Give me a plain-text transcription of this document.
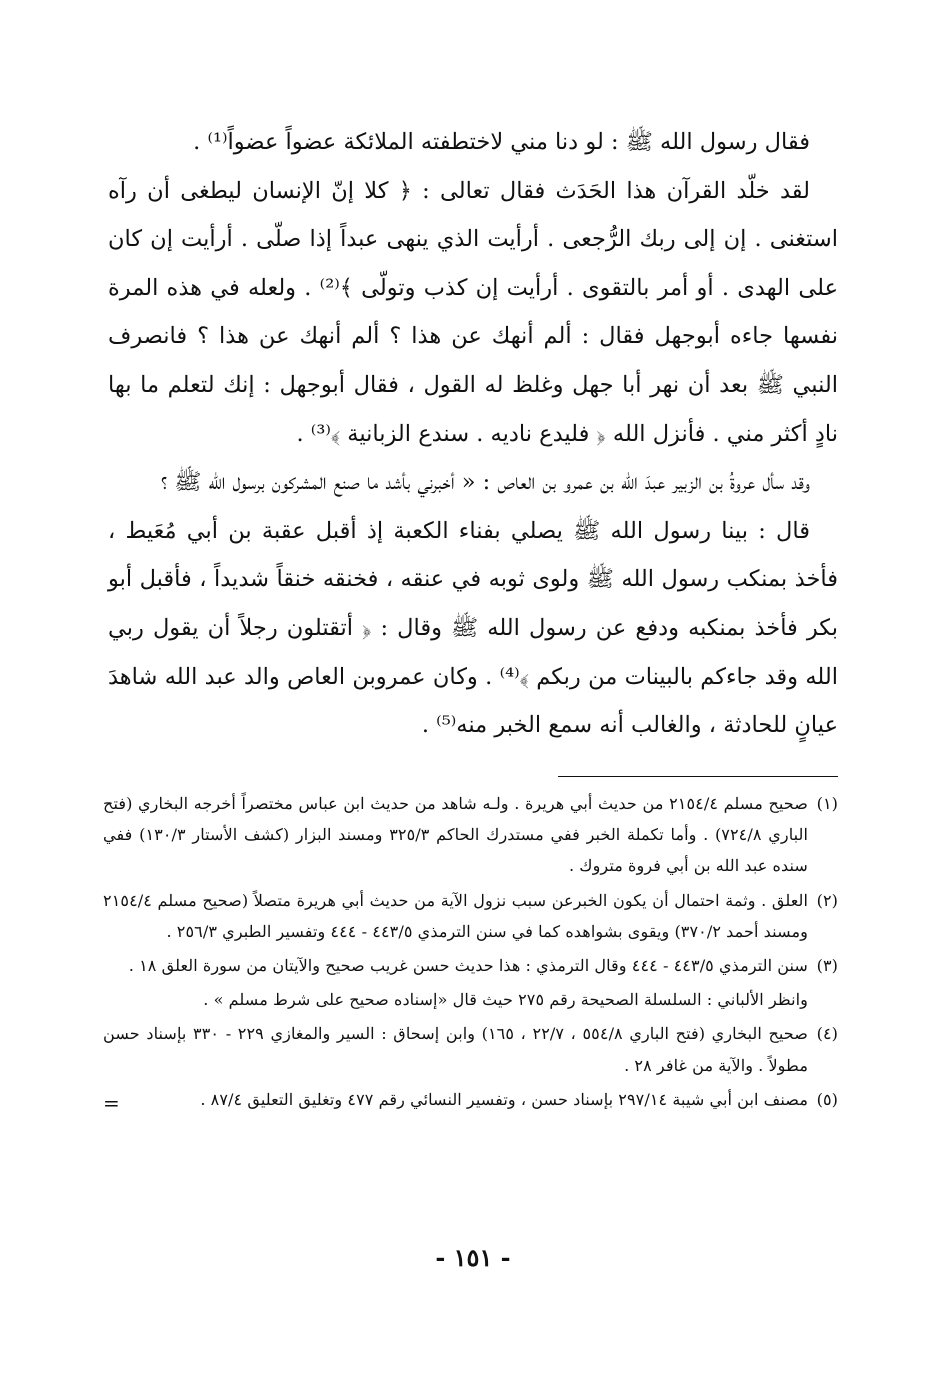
فقال رسول الله ﷺ : لو دنا مني لاختطفته الملائكة عضواً عضواً⁽¹⁾ .

لقد خلّد القرآن هذا الحَدَث فقال تعالى : ﴿ كلا إنّ الإنسان ليطغى أن رآه استغنى . إن إلى ربك الرُّجعى . أرأيت الذي ينهى عبداً إذا صلّى . أرأيت إن كان على الهدى . أو أمر بالتقوى . أرأيت إن كذب وتولّى ﴾⁽²⁾ . ولعله في هذه المرة نفسها جاءه أبوجهل فقال : ألم أنهك عن هذا ؟ ألم أنهك عن هذا ؟ فانصرف النبي ﷺ بعد أن نهر أبا جهل وغلظ له القول ، فقال أبوجهل : إنك لتعلم ما بها نادٍ أكثر مني . فأنزل الله ﴿ فليدع ناديه . سندع الزبانية ﴾⁽³⁾ .

وقد سأل عروةُ بن الزبير عبدَ الله بن عمرو بن العاص : « أخبرني بأشد ما صنع المشركون برسول الله ﷺ ؟

قال : بينا رسول الله ﷺ يصلي بفناء الكعبة إذ أقبل عقبة بن أبي مُعَيط ، فأخذ بمنكب رسول الله ﷺ ولوى ثوبه في عنقه ، فخنقه خنقاً شديداً ، فأقبل أبو بكر فأخذ بمنكبه ودفع عن رسول الله ﷺ وقال : ﴿ أتقتلون رجلاً أن يقول ربي الله وقد جاءكم بالبينات من ربكم ﴾⁽⁴⁾ . وكان عمروبن العاص والد عبد الله شاهدَ عيانٍ للحادثة ، والغالب أنه سمع الخبر منه⁽⁵⁾ .

(١)
صحيح مسلم ٢١٥٤/٤ من حديث أبي هريرة . ولـه شاهد من حديث ابن عباس مختصراً أخرجه البخاري (فتح الباري ٧٢٤/٨) . وأما تكملة الخبر ففي مستدرك الحاكم ٣٢٥/٣ ومسند البزار (كشف الأستار ١٣٠/٣) ففي سنده عبد الله بن أبي فروة متروك .

(٢)
العلق . وثمة احتمال أن يكون الخبرعن سبب نزول الآية من حديث أبي هريرة متصلاً (صحيح مسلم ٢١٥٤/٤ ومسند أحمد ٣٧٠/٢) ويقوى بشواهده كما في سنن الترمذي ٤٤٣/٥ - ٤٤٤ وتفسير الطبري ٢٥٦/٣ .

(٣)
سنن الترمذي ٤٤٣/٥ - ٤٤٤ وقال الترمذي : هذا حديث حسن غريب صحيح والآيتان من سورة العلق ١٨ .

وانظر الألباني : السلسلة الصحيحة رقم ٢٧٥ حيث قال «إسناده صحيح على شرط مسلم » .

(٤)
صحيح البخاري (فتح الباري ٥٥٤/٨ ، ٢٢/٧ ، ١٦٥) وابن إسحاق : السير والمغازي ٢٢٩ - ٣٣٠ بإسناد حسن مطولاً . والآية من غافر ٢٨ .

(٥)
مصنف ابن أبي شيبة ٢٩٧/١٤ بإسناد حسن ، وتفسير النسائي رقم ٤٧٧ وتغليق التعليق ٨٧/٤ .
=

- ١٥١ -
